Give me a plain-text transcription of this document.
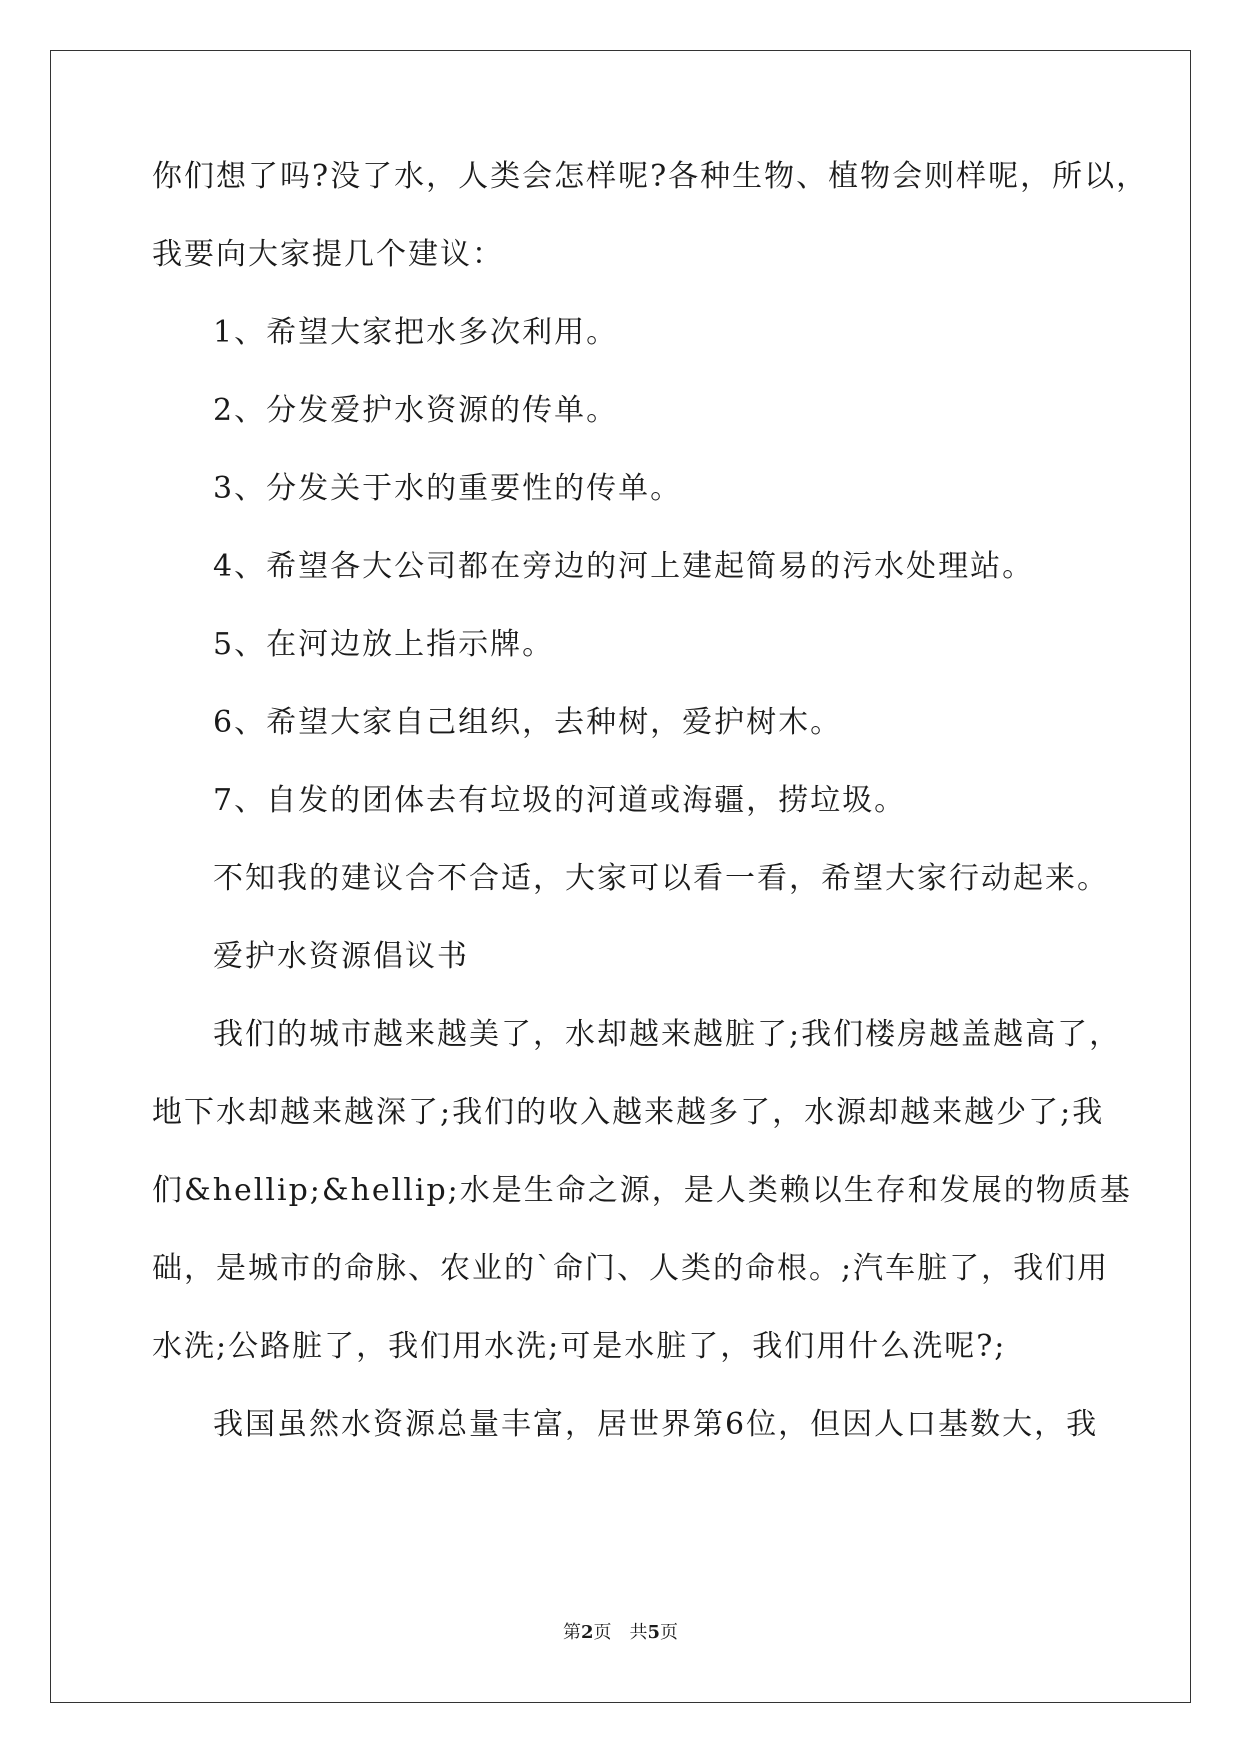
你们想了吗?没了水，人类会怎样呢?各种生物、植物会则样呢，所以，

我要向大家提几个建议：

1、希望大家把水多次利用。

2、分发爱护水资源的传单。

3、分发关于水的重要性的传单。

4、希望各大公司都在旁边的河上建起简易的污水处理站。

5、在河边放上指示牌。

6、希望大家自己组织，去种树，爱护树木。

7、自发的团体去有垃圾的河道或海疆，捞垃圾。

不知我的建议合不合适，大家可以看一看，希望大家行动起来。

爱护水资源倡议书

我们的城市越来越美了，水却越来越脏了;我们楼房越盖越高了，

地下水却越来越深了;我们的收入越来越多了，水源却越来越少了;我

们&hellip;&hellip;水是生命之源，是人类赖以生存和发展的物质基

础，是城市的命脉、农业的`命门、人类的命根。;汽车脏了，我们用

水洗;公路脏了，我们用水洗;可是水脏了，我们用什么洗呢?;

我国虽然水资源总量丰富，居世界第6位，但因人口基数大，我

第2页　共5页
